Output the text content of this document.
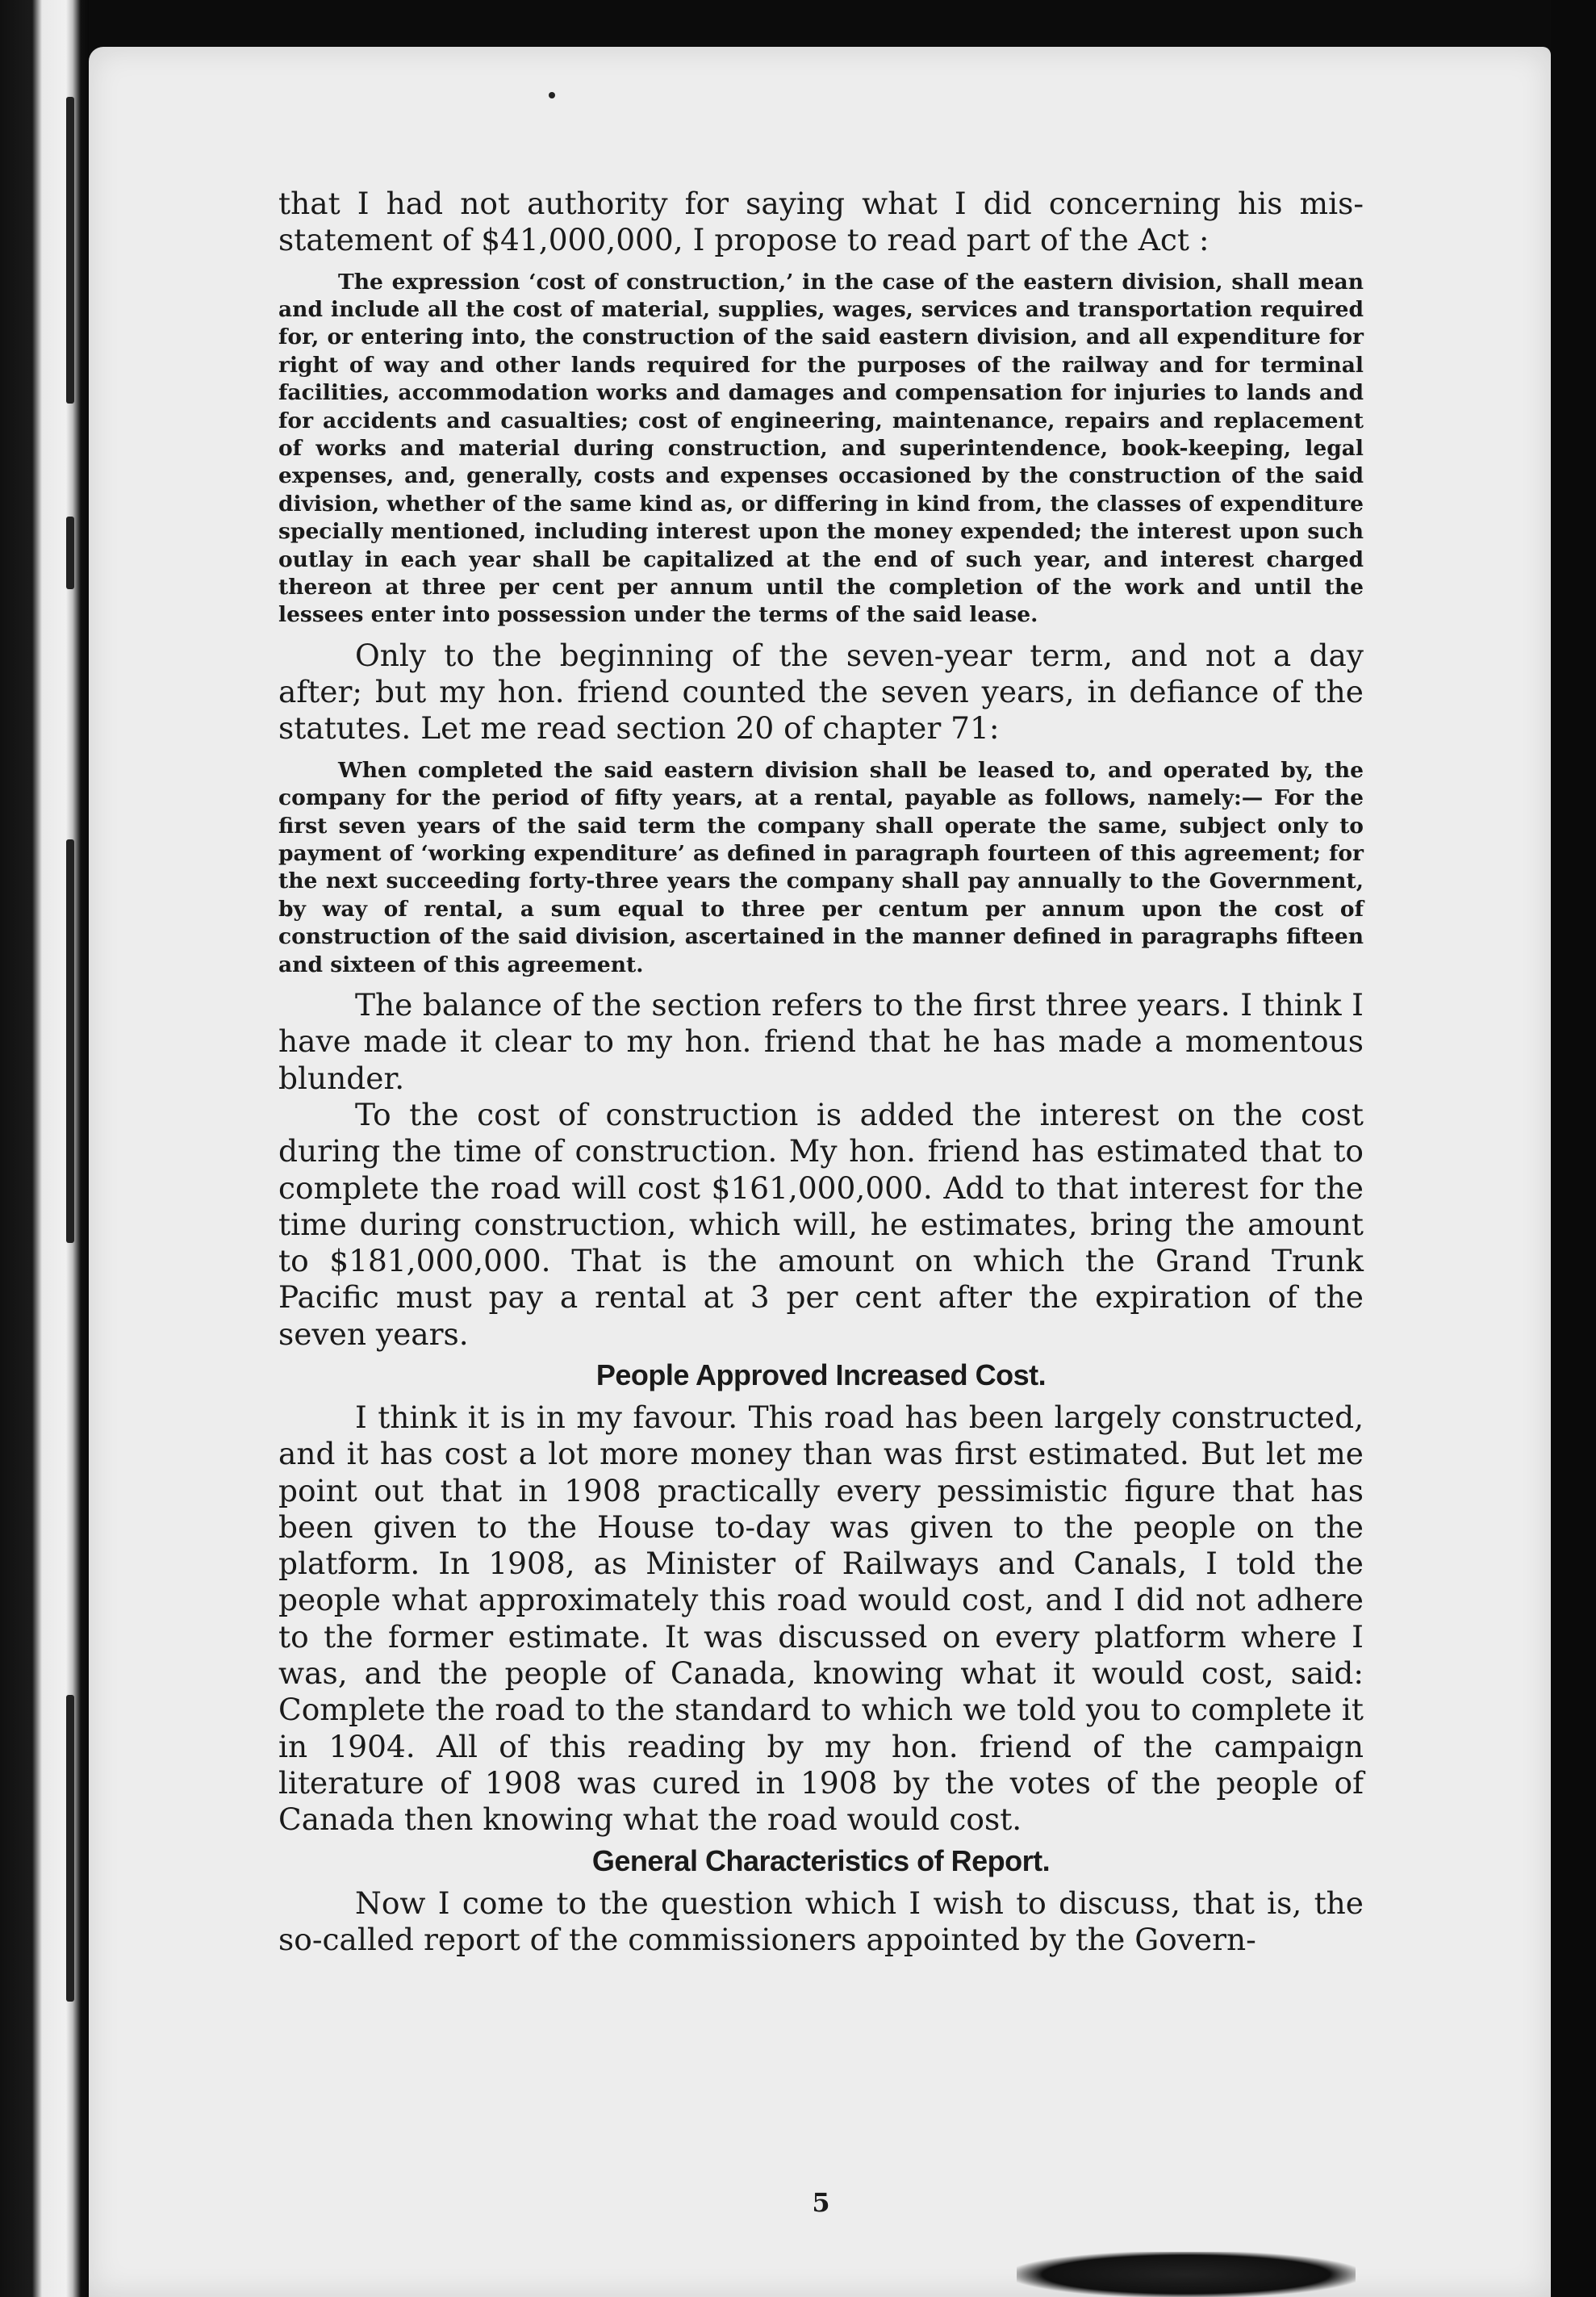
that I had not authority for saying what I did concerning his mis-statement of $41,000,000, I propose to read part of the Act :

The expression ‘cost of construction,’ in the case of the eastern division, shall mean and include all the cost of material, supplies, wages, services and transportation required for, or entering into, the construction of the said eastern division, and all expenditure for right of way and other lands required for the purposes of the railway and for terminal facilities, accommodation works and damages and compensation for injuries to lands and for accidents and casualties; cost of engineering, maintenance, repairs and replacement of works and material during construction, and superintendence, book-keeping, legal expenses, and, generally, costs and expenses occasioned by the construction of the said division, whether of the same kind as, or differing in kind from, the classes of expenditure specially mentioned, including interest upon the money expended; the interest upon such outlay in each year shall be capitalized at the end of such year, and interest charged thereon at three per cent per annum until the completion of the work and until the lessees enter into possession under the terms of the said lease.

Only to the beginning of the seven-year term, and not a day after; but my hon. friend counted the seven years, in defiance of the statutes. Let me read section 20 of chapter 71:

When completed the said eastern division shall be leased to, and operated by, the company for the period of fifty years, at a rental, payable as follows, namely:— For the first seven years of the said term the company shall operate the same, subject only to payment of ‘working expenditure’ as defined in paragraph fourteen of this agreement; for the next succeeding forty-three years the company shall pay annually to the Government, by way of rental, a sum equal to three per centum per annum upon the cost of construction of the said division, ascertained in the manner defined in paragraphs fifteen and sixteen of this agreement.

The balance of the section refers to the first three years. I think I have made it clear to my hon. friend that he has made a momentous blunder.

To the cost of construction is added the interest on the cost during the time of construction. My hon. friend has estimated that to complete the road will cost $161,000,000. Add to that interest for the time during construction, which will, he estimates, bring the amount to $181,000,000. That is the amount on which the Grand Trunk Pacific must pay a rental at 3 per cent after the expiration of the seven years.

People Approved Increased Cost.

I think it is in my favour. This road has been largely constructed, and it has cost a lot more money than was first estimated. But let me point out that in 1908 practically every pessimistic figure that has been given to the House to-day was given to the people on the platform. In 1908, as Minister of Railways and Canals, I told the people what approximately this road would cost, and I did not adhere to the former estimate. It was discussed on every platform where I was, and the people of Canada, knowing what it would cost, said: Complete the road to the standard to which we told you to complete it in 1904. All of this reading by my hon. friend of the campaign literature of 1908 was cured in 1908 by the votes of the people of Canada then knowing what the road would cost.

General Characteristics of Report.

Now I come to the question which I wish to discuss, that is, the so-called report of the commissioners appointed by the Govern-

5
